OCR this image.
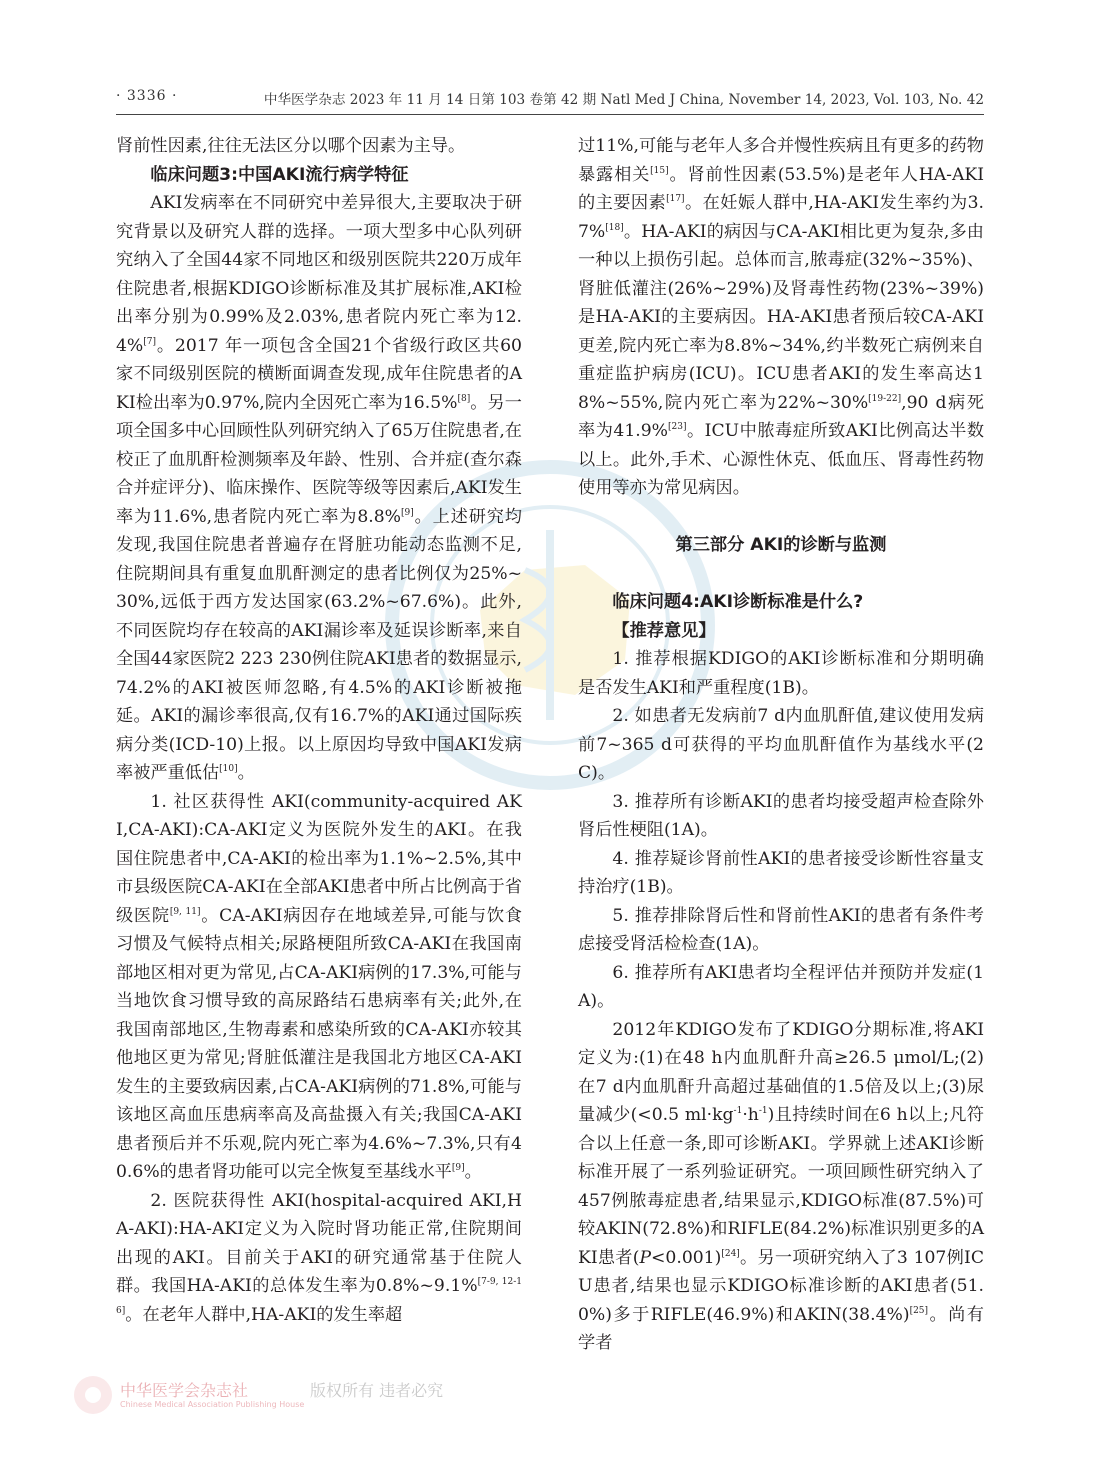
· 3336 ·	中华医学杂志 2023 年 11 月 14 日第 103 卷第 42 期 Natl Med J China, November 14, 2023, Vol. 103, No. 42

肾前性因素,往往无法区分以哪个因素为主导。

临床问题3:中国AKI流行病学特征

AKI发病率在不同研究中差异很大,主要取决于研究背景以及研究人群的选择。一项大型多中心队列研究纳入了全国44家不同地区和级别医院共220万成年住院患者,根据KDIGO诊断标准及其扩展标准,AKI检出率分别为0.99%及2.03%,患者院内死亡率为12.4%[7]。2017 年一项包含全国21个省级行政区共60家不同级别医院的横断面调查发现,成年住院患者的AKI检出率为0.97%,院内全因死亡率为16.5%[8]。另一项全国多中心回顾性队列研究纳入了65万住院患者,在校正了血肌酐检测频率及年龄、性别、合并症(查尔森合并症评分)、临床操作、医院等级等因素后,AKI发生率为11.6%,患者院内死亡率为8.8%[9]。上述研究均发现,我国住院患者普遍存在肾脏功能动态监测不足,住院期间具有重复血肌酐测定的患者比例仅为25%~30%,远低于西方发达国家(63.2%~67.6%)。此外,不同医院均存在较高的AKI漏诊率及延误诊断率,来自全国44家医院2 223 230例住院AKI患者的数据显示,74.2%的AKI被医师忽略,有4.5%的AKI诊断被拖延。AKI的漏诊率很高,仅有16.7%的AKI通过国际疾病分类(ICD-10)上报。以上原因均导致中国AKI发病率被严重低估[10]。

1. 社区获得性 AKI(community-acquired AKI,CA-AKI):CA-AKI定义为医院外发生的AKI。在我国住院患者中,CA-AKI的检出率为1.1%~2.5%,其中市县级医院CA-AKI在全部AKI患者中所占比例高于省级医院[9, 11]。CA-AKI病因存在地域差异,可能与饮食习惯及气候特点相关;尿路梗阻所致CA-AKI在我国南部地区相对更为常见,占CA-AKI病例的17.3%,可能与当地饮食习惯导致的高尿路结石患病率有关;此外,在我国南部地区,生物毒素和感染所致的CA-AKI亦较其他地区更为常见;肾脏低灌注是我国北方地区CA-AKI发生的主要致病因素,占CA-AKI病例的71.8%,可能与该地区高血压患病率高及高盐摄入有关;我国CA-AKI患者预后并不乐观,院内死亡率为4.6%~7.3%,只有40.6%的患者肾功能可以完全恢复至基线水平[9]。

2. 医院获得性 AKI(hospital-acquired AKI,HA-AKI):HA-AKI定义为入院时肾功能正常,住院期间出现的AKI。目前关于AKI的研究通常基于住院人群。我国HA-AKI的总体发生率为0.8%~9.1%[7-9, 12-16]。在老年人群中,HA-AKI的发生率超

过11%,可能与老年人多合并慢性疾病且有更多的药物暴露相关[15]。肾前性因素(53.5%)是老年人HA-AKI的主要因素[17]。在妊娠人群中,HA-AKI发生率约为3.7%[18]。HA-AKI的病因与CA-AKI相比更为复杂,多由一种以上损伤引起。总体而言,脓毒症(32%~35%)、肾脏低灌注(26%~29%)及肾毒性药物(23%~39%)是HA-AKI的主要病因。HA-AKI患者预后较CA-AKI更差,院内死亡率为8.8%~34%,约半数死亡病例来自重症监护病房(ICU)。ICU患者AKI的发生率高达18%~55%,院内死亡率为22%~30%[19-22],90 d病死率为41.9%[23]。ICU中脓毒症所致AKI比例高达半数以上。此外,手术、心源性休克、低血压、肾毒性药物使用等亦为常见病因。

第三部分 AKI的诊断与监测
临床问题4:AKI诊断标准是什么?
【推荐意见】

1. 推荐根据KDIGO的AKI诊断标准和分期明确是否发生AKI和严重程度(1B)。

2. 如患者无发病前7 d内血肌酐值,建议使用发病前7~365 d可获得的平均血肌酐值作为基线水平(2C)。

3. 推荐所有诊断AKI的患者均接受超声检查除外肾后性梗阻(1A)。

4. 推荐疑诊肾前性AKI的患者接受诊断性容量支持治疗(1B)。

5. 推荐排除肾后性和肾前性AKI的患者有条件考虑接受肾活检检查(1A)。

6. 推荐所有AKI患者均全程评估并预防并发症(1A)。

2012年KDIGO发布了KDIGO分期标准,将AKI定义为:(1)在48 h内血肌酐升高≥26.5 μmol/L;(2)在7 d内血肌酐升高超过基础值的1.5倍及以上;(3)尿量减少(<0.5 $ml\cdot kg^{-1}\cdot h^{-1}$)且持续时间在6 h以上;凡符合以上任意一条,即可诊断AKI。学界就上述AKI诊断标准开展了一系列验证研究。一项回顾性研究纳入了457例脓毒症患者,结果显示,KDIGO标准(87.5%)可较AKIN(72.8%)和RIFLE(84.2%)标准识别更多的AKI患者(P<0.001)[24]。另一项研究纳入了3 107例ICU患者,结果也显示KDIGO标准诊断的AKI患者(51.0%)多于RIFLE(46.9%)和AKIN(38.4%)[25]。尚有学者

中华医学会杂志社
Chinese Medical Association Publishing House
版权所有 违者必究
